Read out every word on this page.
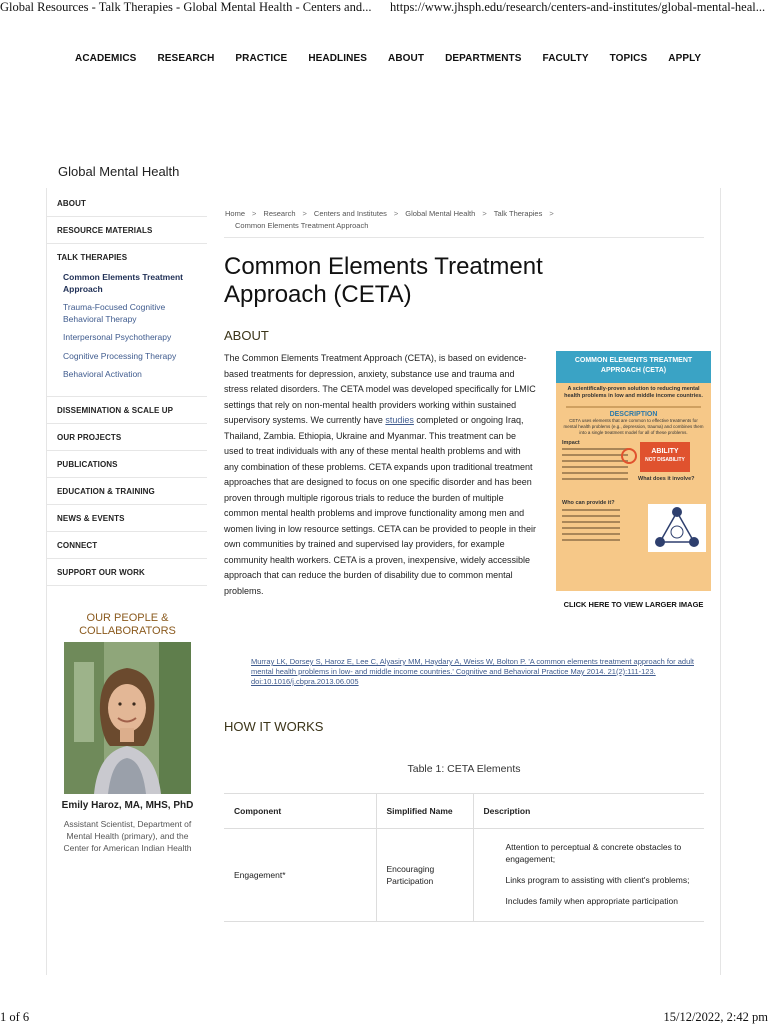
Global Resources - Talk Therapies - Global Mental Health - Centers and... https://www.jhsph.edu/research/centers-and-institutes/global-mental-heal...
ACADEMICS RESEARCH PRACTICE HEADLINES ABOUT DEPARTMENTS FACULTY TOPICS APPLY
Global Mental Health
ABOUT
RESOURCE MATERIALS
TALK THERAPIES
Common Elements Treatment Approach
Trauma-Focused Cognitive Behavioral Therapy
Interpersonal Psychotherapy
Cognitive Processing Therapy
Behavioral Activation
DISSEMINATION & SCALE UP
OUR PROJECTS
PUBLICATIONS
EDUCATION & TRAINING
NEWS & EVENTS
CONNECT
SUPPORT OUR WORK
OUR PEOPLE & COLLABORATORS
Emily Haroz, MA, MHS, PhD
Assistant Scientist, Department of Mental Health (primary), and the Center for American Indian Health
Home > Research > Centers and Institutes > Global Mental Health > Talk Therapies >
Common Elements Treatment Approach
Common Elements Treatment Approach (CETA)
ABOUT
The Common Elements Treatment Approach (CETA), is based on evidence-based treatments for depression, anxiety, substance use and trauma and stress related disorders. The CETA model was developed specifically for LMIC settings that rely on non-mental health providers working within sustained supervisory systems. We currently have studies completed or ongoing Iraq, Thailand, Zambia. Ethiopia, Ukraine and Myanmar. This treatment can be used to treat individuals with any of these mental health problems and with any combination of these problems. CETA expands upon traditional treatment approaches that are designed to focus on one specific disorder and has been proven through multiple rigorous trials to reduce the burden of multiple common mental health problems and improve functionality among men and women living in low resource settings. CETA can be provided to people in their own communities by trained and supervised lay providers, for example community health workers. CETA is a proven, inexpensive, widely accessible approach that can reduce the burden of disability due to common mental problems.
COMMON ELEMENTS TREATMENT APPROACH (CETA)
A scientifically-proven solution to reducing mental health problems in low and middle income countries.
DESCRIPTION
CETA uses elements that are common to effective treatments for mental health problems (e.g., depression, trauma) and combines them into a single treatment model for all of these problems.
Impact
ABILITY
NOT DISABILITY
What does it involve?
Who can provide it?
CLICK HERE TO VIEW LARGER IMAGE
Murray LK, Dorsey S, Haroz E, Lee C, Alyasiry MM, Haydary A, Weiss W, Bolton P. 'A common elements treatment approach for adult mental health problems in low- and middle income countries.' Cognitive and Behavioral Practice May 2014. 21(2):111-123. doi:10.1016/j.cbpra.2013.06.005
HOW IT WORKS
Table 1: CETA Elements
Component	Simplified Name	Description
Engagement*	Encouraging Participation	Attention to perceptual & concrete obstacles to engagement;

Links program to assisting with client's problems;

Includes family when appropriate participation

1 of 6	15/12/2022, 2:42 pm
